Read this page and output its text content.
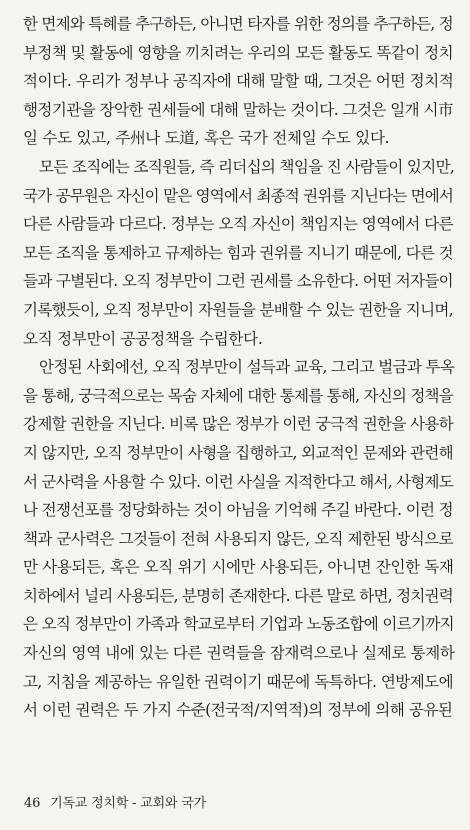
한 면제와 특혜를 추구하든, 아니면 타자를 위한 정의를 추구하든, 정
부정책 및 활동에 영향을 끼치려는 우리의 모든 활동도 똑같이 정치
적이다. 우리가 정부나 공직자에 대해 말할 때, 그것은 어떤 정치적
행정기관을 장악한 권세들에 대해 말하는 것이다. 그것은 일개 시市
일 수도 있고, 주州나 도道, 혹은 국가 전체일 수도 있다.
모든 조직에는 조직원들, 즉 리더십의 책임을 진 사람들이 있지만,
국가 공무원은 자신이 맡은 영역에서 최종적 권위를 지닌다는 면에서
다른 사람들과 다르다. 정부는 오직 자신이 책임지는 영역에서 다른
모든 조직을 통제하고 규제하는 힘과 권위를 지니기 때문에, 다른 것
들과 구별된다. 오직 정부만이 그런 권세를 소유한다. 어떤 저자들이
기록했듯이, 오직 정부만이 자원들을 분배할 수 있는 권한을 지니며,
오직 정부만이 공공정책을 수립한다.
안정된 사회에선, 오직 정부만이 설득과 교육, 그리고 벌금과 투옥
을 통해, 궁극적으로는 목숨 자체에 대한 통제를 통해, 자신의 정책을
강제할 권한을 지닌다. 비록 많은 정부가 이런 궁극적 권한을 사용하
지 않지만, 오직 정부만이 사형을 집행하고, 외교적인 문제와 관련해
서 군사력을 사용할 수 있다. 이런 사실을 지적한다고 해서, 사형제도
나 전쟁선포를 정당화하는 것이 아님을 기억해 주길 바란다. 이런 정
책과 군사력은 그것들이 전혀 사용되지 않든, 오직 제한된 방식으로
만 사용되든, 혹은 오직 위기 시에만 사용되든, 아니면 잔인한 독재
치하에서 널리 사용되든, 분명히 존재한다. 다른 말로 하면, 정치권력
은 오직 정부만이 가족과 학교로부터 기업과 노동조합에 이르기까지
자신의 영역 내에 있는 다른 권력들을 잠재력으로나 실제로 통제하
고, 지침을 제공하는 유일한 권력이기 때문에 독특하다. 연방제도에
서 이런 권력은 두 가지 수준(전국적/지역적)의 정부에 의해 공유된
46 기독교 정치학 - 교회와 국가
